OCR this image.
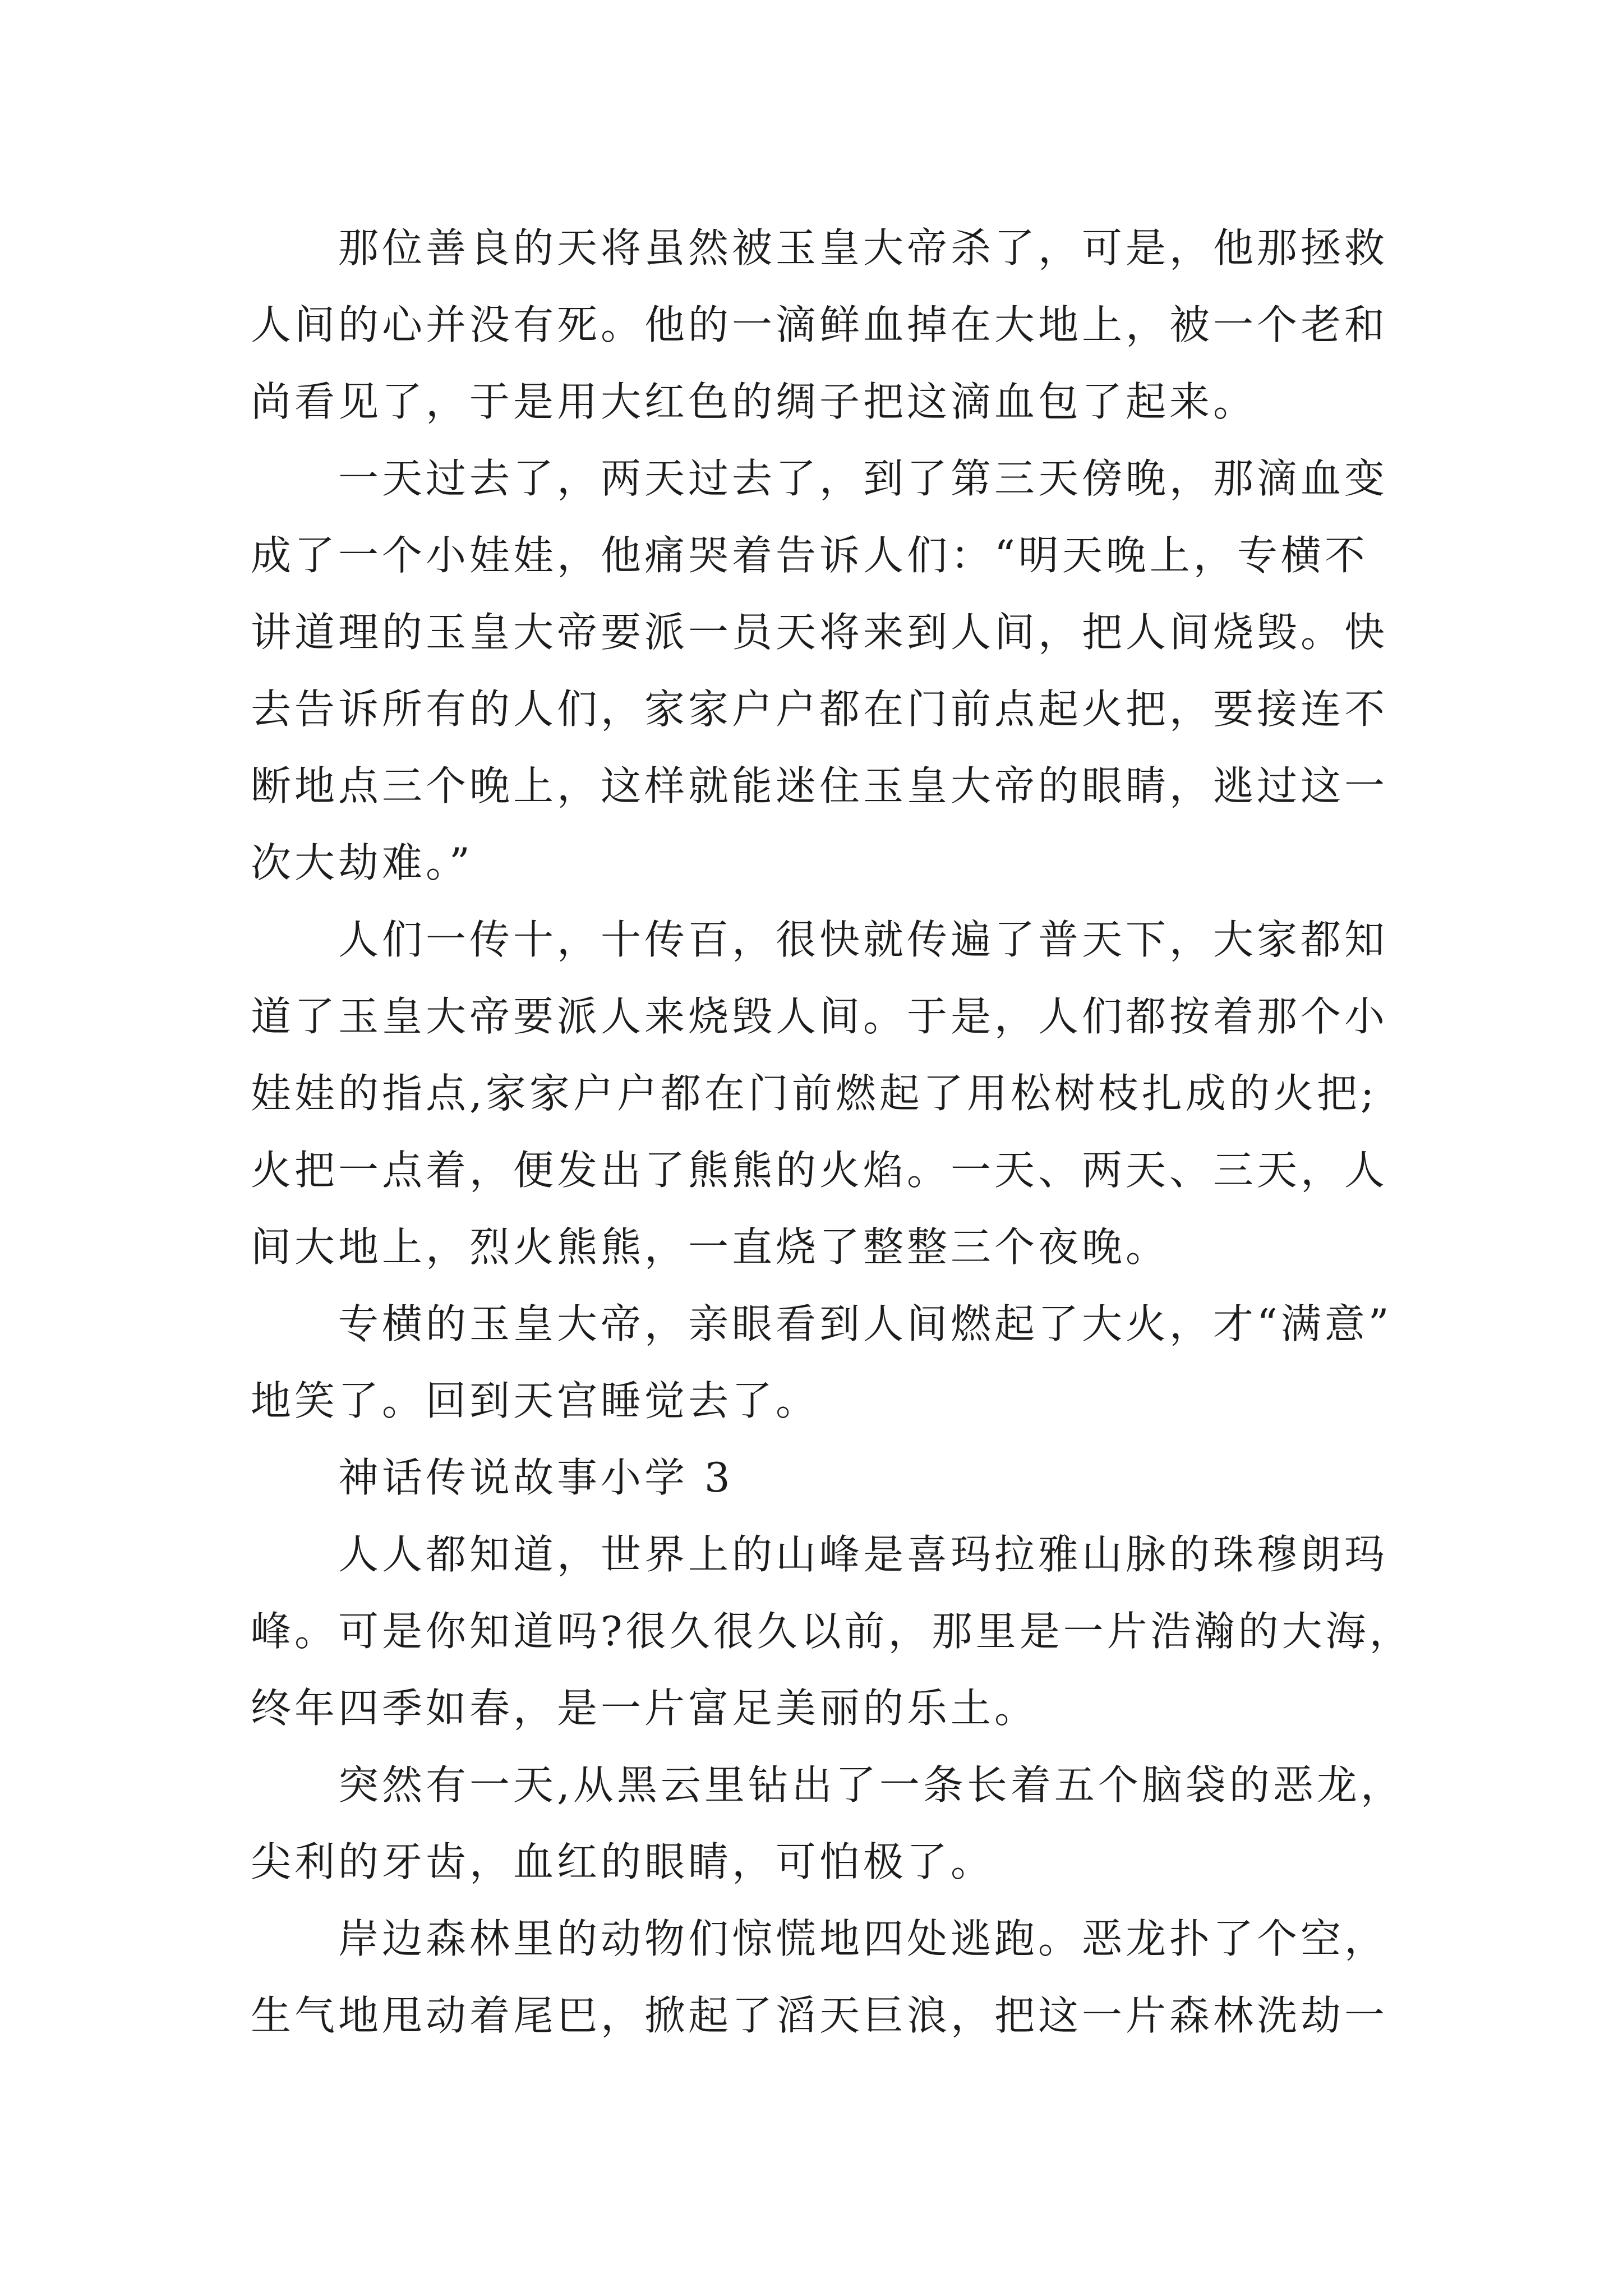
那位善良的天将虽然被玉皇大帝杀了，可是，他那拯救
人间的心并没有死。他的一滴鲜血掉在大地上，被一个老和
尚看见了，于是用大红色的绸子把这滴血包了起来。
一天过去了，两天过去了，到了第三天傍晚，那滴血变
成了一个小娃娃，他痛哭着告诉人们：“明天晚上，专横不
讲道理的玉皇大帝要派一员天将来到人间，把人间烧毁。快
去告诉所有的人们，家家户户都在门前点起火把，要接连不
断地点三个晚上，这样就能迷住玉皇大帝的眼睛，逃过这一
次大劫难。”
人们一传十，十传百，很快就传遍了普天下，大家都知
道了玉皇大帝要派人来烧毁人间。于是，人们都按着那个小
娃娃的指点,家家户户都在门前燃起了用松树枝扎成的火把;
火把一点着，便发出了熊熊的火焰。一天、两天、三天，人
间大地上，烈火熊熊，一直烧了整整三个夜晚。
专横的玉皇大帝，亲眼看到人间燃起了大火，才“满意”
地笑了。回到天宫睡觉去了。
神话传说故事小学 3
人人都知道，世界上的山峰是喜玛拉雅山脉的珠穆朗玛
峰。可是你知道吗?很久很久以前，那里是一片浩瀚的大海，
终年四季如春，是一片富足美丽的乐土。
突然有一天,从黑云里钻出了一条长着五个脑袋的恶龙，
尖利的牙齿，血红的眼睛，可怕极了。
岸边森林里的动物们惊慌地四处逃跑。恶龙扑了个空，
生气地甩动着尾巴，掀起了滔天巨浪，把这一片森林洗劫一
